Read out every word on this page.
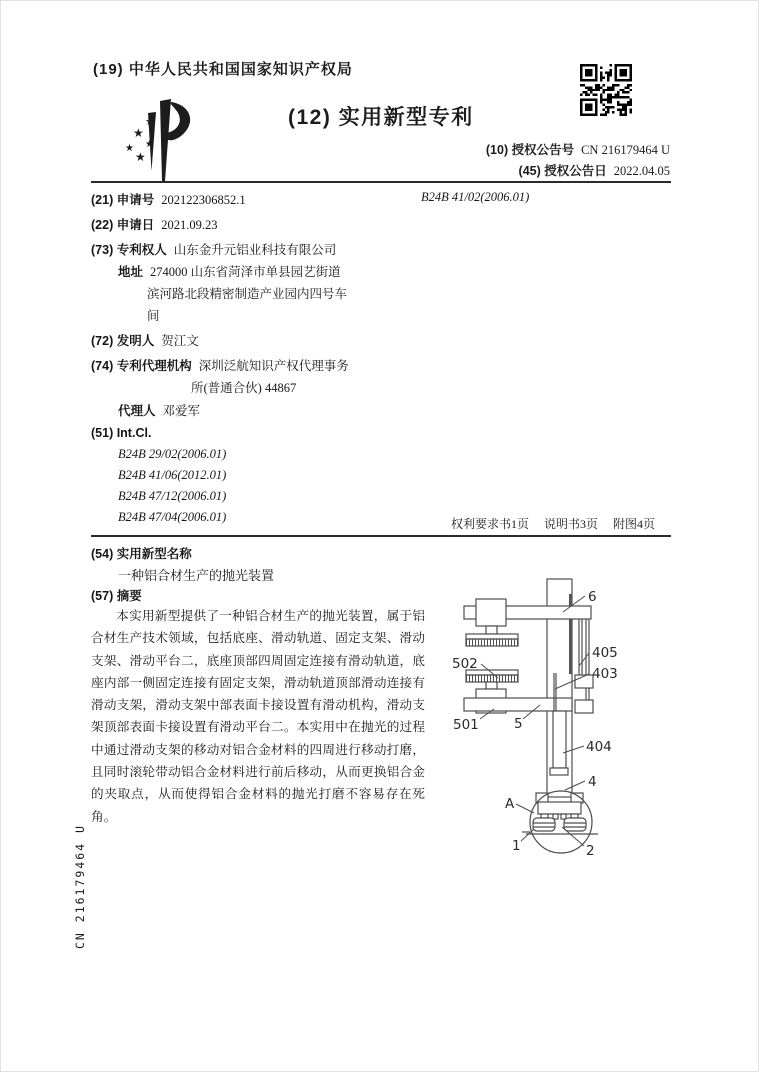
(19) 中华人民共和国国家知识产权局
★
★
★
★
★
(12) 实用新型专利
(10) 授权公告号 CN 216179464 U
(45) 授权公告日 2022.04.05
(21) 申请号 202122306852.1
(22) 申请日 2021.09.23
(73) 专利权人 山东金升元铝业科技有限公司
地址 274000 山东省菏泽市单县园艺街道
滨河路北段精密制造产业园内四号车
间
(72) 发明人 贺江文
(74) 专利代理机构 深圳泛航知识产权代理事务
所(普通合伙) 44867
代理人 邓爱军
(51) Int.Cl.
B24B 29/02(2006.01)
B24B 41/06(2012.01)
B24B 47/12(2006.01)
B24B 47/04(2006.01)
B24B 41/02(2006.01)
权利要求书1页 说明书3页 附图4页
(54) 实用新型名称
一种铝合材生产的抛光装置
(57) 摘要
本实用新型提供了一种铝合材生产的抛光装置，属于铝合材生产技术领域，包括底座、滑动轨道、固定支架、滑动支架、滑动平台二，底座顶部四周固定连接有滑动轨道，底座内部一侧固定连接有固定支架，滑动轨道顶部滑动连接有滑动支架，滑动支架中部表面卡接设置有滑动机构，滑动支架顶部表面卡接设置有滑动平台二。本实用中在抛光的过程中通过滑动支架的移动对铝合金材料的四周进行移动打磨，且同时滚轮带动铝合金材料进行前后移动，从而更换铝合金的夹取点，从而使得铝合金材料的抛光打磨不容易存在死角。
6
405
403
502
501	5
404
4
A
1	2
CN 216179464 U
